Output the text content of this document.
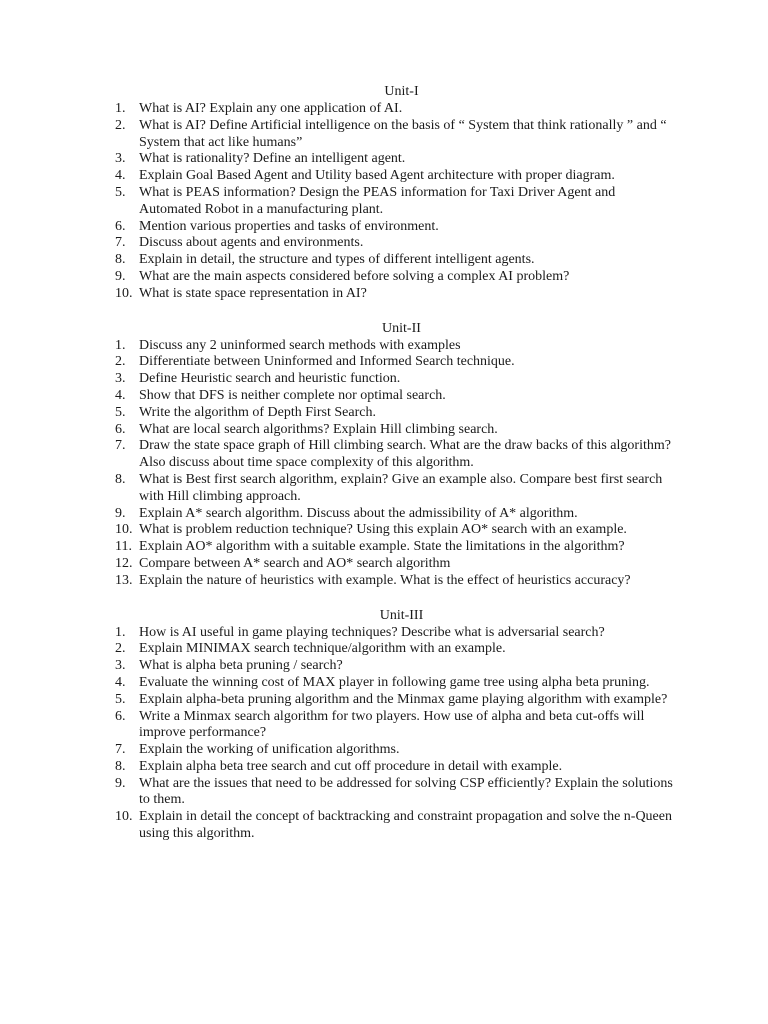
Unit-I
1. What is AI? Explain any one application of AI.
2. What is AI? Define Artificial intelligence on the basis of “ System that think rationally ” and “ System that act like humans”
3. What is rationality? Define an intelligent agent.
4. Explain Goal Based Agent and Utility based Agent architecture with proper diagram.
5. What is PEAS information? Design the PEAS information for Taxi Driver Agent and Automated Robot in a manufacturing plant.
6. Mention various properties and tasks of environment.
7. Discuss about agents and environments.
8. Explain in detail, the structure and types of different intelligent agents.
9. What are the main aspects considered before solving a complex AI problem?
10. What is state space representation in AI?
Unit-II
1. Discuss any 2 uninformed search methods with examples
2. Differentiate between Uninformed and Informed Search technique.
3. Define Heuristic search and heuristic function.
4. Show that DFS is neither complete nor optimal search.
5. Write the algorithm of Depth First Search.
6. What are local search algorithms? Explain Hill climbing search.
7. Draw the state space graph of Hill climbing search. What are the draw backs of this algorithm? Also discuss about time space complexity of this algorithm.
8. What is Best first search algorithm, explain? Give an example also. Compare best first search with Hill climbing approach.
9. Explain A* search algorithm. Discuss about the admissibility of A* algorithm.
10. What is problem reduction technique? Using this explain AO* search with an example.
11. Explain AO* algorithm with a suitable example. State the limitations in the algorithm?
12. Compare between A* search and AO* search algorithm
13. Explain the nature of heuristics with example. What is the effect of heuristics accuracy?
Unit-III
1. How is AI useful in game playing techniques? Describe what is adversarial search?
2. Explain MINIMAX search technique/algorithm with an example.
3. What is alpha beta pruning / search?
4. Evaluate the winning cost of MAX player in following game tree using alpha beta pruning.
5. Explain alpha-beta pruning algorithm and the Minmax game playing algorithm with example?
6. Write a Minmax search algorithm for two players. How use of alpha and beta cut-offs will improve performance?
7. Explain the working of unification algorithms.
8. Explain alpha beta tree search and cut off procedure in detail with example.
9. What are the issues that need to be addressed for solving CSP efficiently? Explain the solutions to them.
10. Explain in detail the concept of backtracking and constraint propagation and solve the n-Queen using this algorithm.
